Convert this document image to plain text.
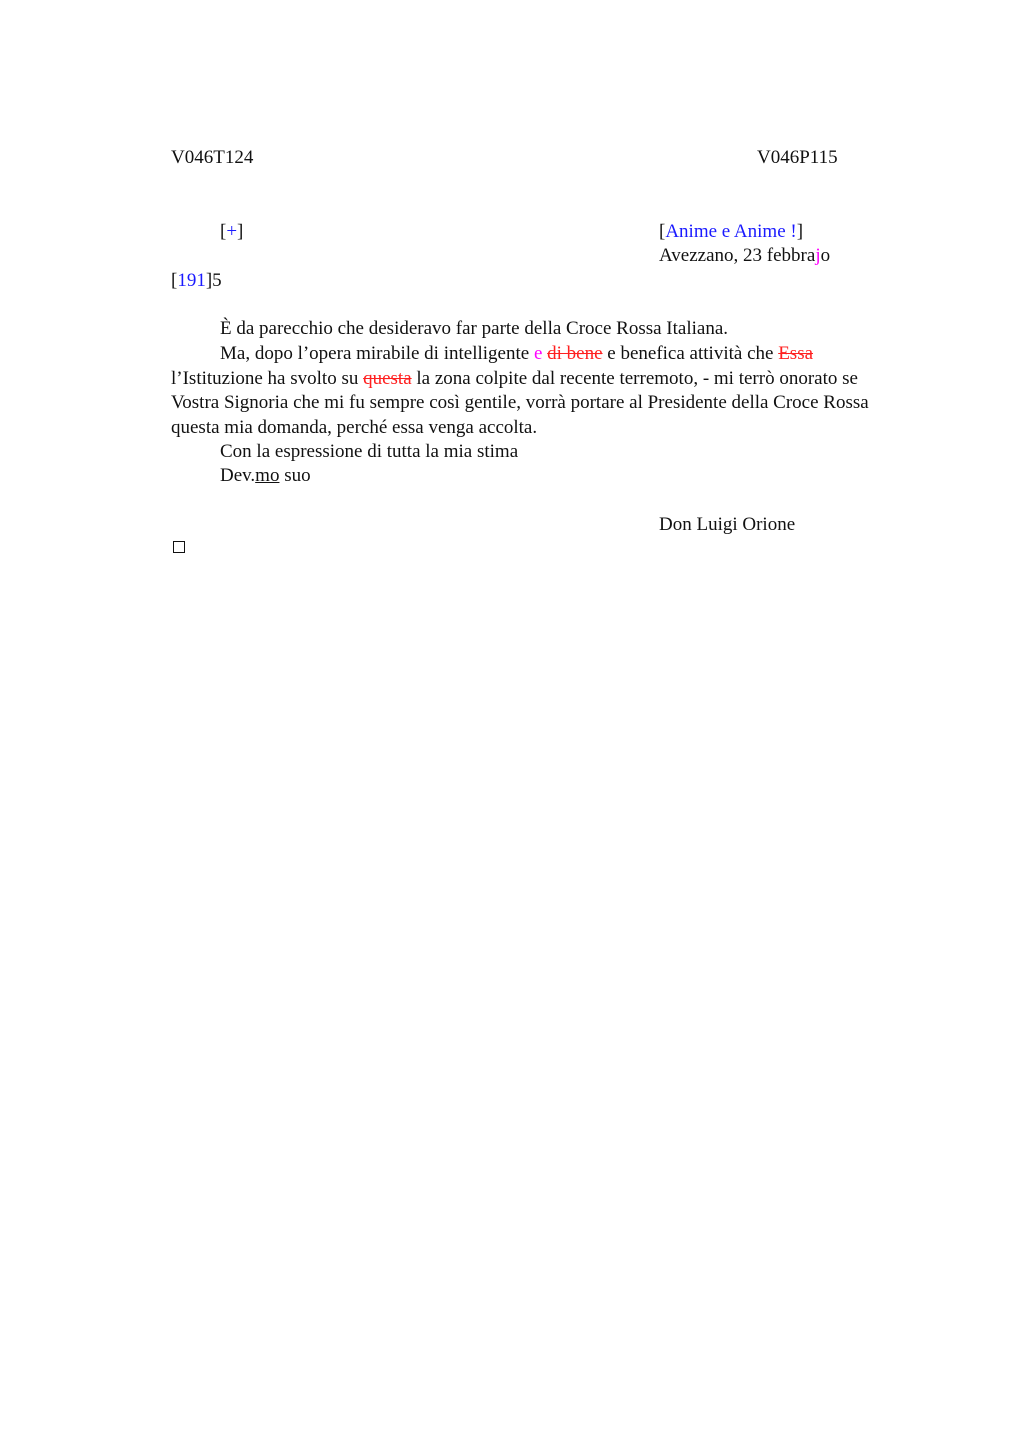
V046T124	V046P115
[+]	[Anime e Anime !]
Avezzano, 23 febbrajo
[191]5
È da parecchio che desideravo far parte della Croce Rossa Italiana.
Ma, dopo l’opera mirabile di intelligente e di bene e benefica attività che Essa l’Istituzione ha svolto su questa la zona colpite dal recente terremoto, - mi terrò onorato se Vostra Signoria che mi fu sempre così gentile, vorrà portare al Presidente della Croce Rossa questa mia domanda, perché essa venga accolta.
Con la espressione di tutta la mia stima
Dev.mo suo
Don Luigi Orione
